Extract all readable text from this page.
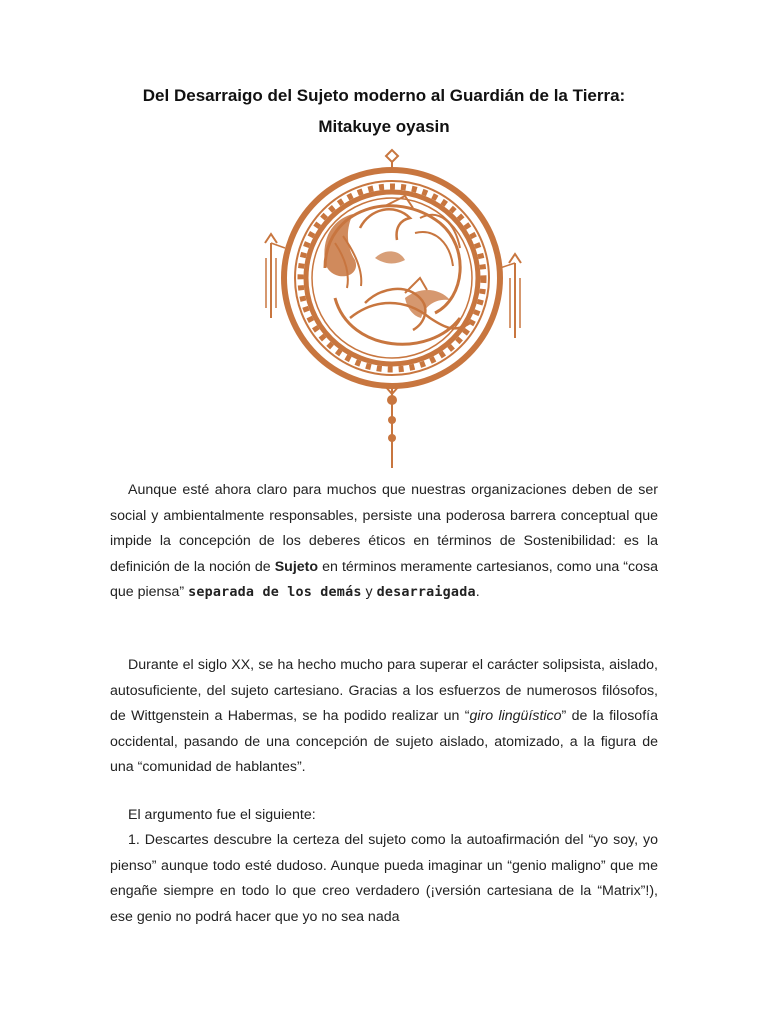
Del Desarraigo del Sujeto moderno al Guardián de la Tierra:
Mitakuye oyasin
Aunque esté ahora claro para muchos que nuestras organizaciones deben de ser social y ambientalmente responsables, persiste una poderosa barrera conceptual que impide la concepción de los deberes éticos en términos de Sostenibilidad: es la definición de la noción de Sujeto en términos meramente cartesianos, como una “cosa que piensa” separada de los demás y desarraigada.
Durante el siglo XX, se ha hecho mucho para superar el carácter solipsista, aislado, autosuficiente, del sujeto cartesiano. Gracias a los esfuerzos de numerosos filósofos, de Wittgenstein a Habermas, se ha podido realizar un “giro lingüístico” de la filosofía occidental, pasando de una concepción de sujeto aislado, atomizado, a la figura de una “comunidad de hablantes”.
El argumento fue el siguiente:
1. Descartes descubre la certeza del sujeto como la autoafirmación del “yo soy, yo pienso” aunque todo esté dudoso. Aunque pueda imaginar un “genio maligno” que me engañe siempre en todo lo que creo verdadero (¡versión cartesiana de la “Matrix”!), ese genio no podrá hacer que yo no sea nada
